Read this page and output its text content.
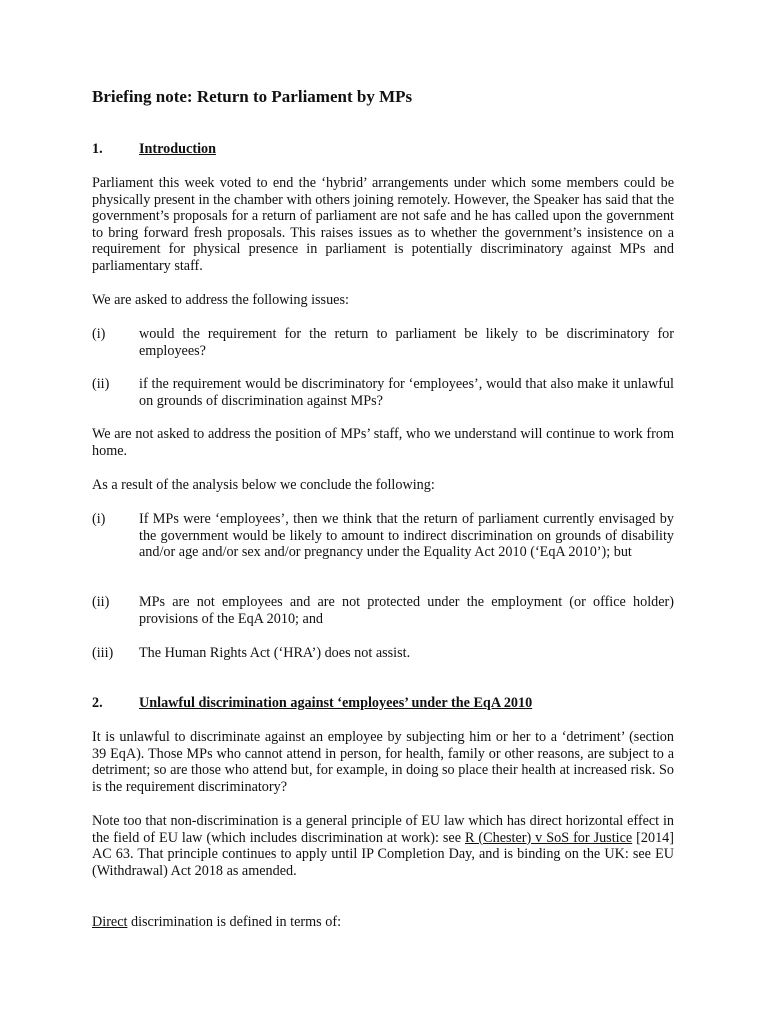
Briefing note: Return to Parliament by MPs
1.	Introduction

Parliament this week voted to end the ‘hybrid’ arrangements under which some members could be physically present in the chamber with others joining remotely. However, the Speaker has said that the government’s proposals for a return of parliament are not safe and he has called upon the government to bring forward fresh proposals. This raises issues as to whether the government’s insistence on a requirement for physical presence in parliament is potentially discriminatory against MPs and parliamentary staff.

We are asked to address the following issues:

(i) would the requirement for the return to parliament be likely to be discriminatory for employees?
(ii) if the requirement would be discriminatory for ‘employees’, would that also make it unlawful on grounds of discrimination against MPs?

We are not asked to address the position of MPs’ staff, who we understand will continue to work from home.

As a result of the analysis below we conclude the following:

(i) If MPs were ‘employees’, then we think that the return of parliament currently envisaged by the government would be likely to amount to indirect discrimination on grounds of disability and/or age and/or sex and/or pregnancy under the Equality Act 2010 (‘EqA 2010’); but
(ii) MPs are not employees and are not protected under the employment (or office holder) provisions of the EqA 2010; and
(iii) The Human Rights Act (‘HRA’) does not assist.
2.	Unlawful discrimination against ‘employees’ under the EqA 2010

It is unlawful to discriminate against an employee by subjecting him or her to a ‘detriment’ (section 39 EqA). Those MPs who cannot attend in person, for health, family or other reasons, are subject to a detriment; so are those who attend but, for example, in doing so place their health at increased risk. So is the requirement discriminatory?

Note too that non-discrimination is a general principle of EU law which has direct horizontal effect in the field of EU law (which includes discrimination at work): see R (Chester) v SoS for Justice [2014] AC 63. That principle continues to apply until IP Completion Day, and is binding on the UK: see EU (Withdrawal) Act 2018 as amended.

Direct discrimination is defined in terms of:
